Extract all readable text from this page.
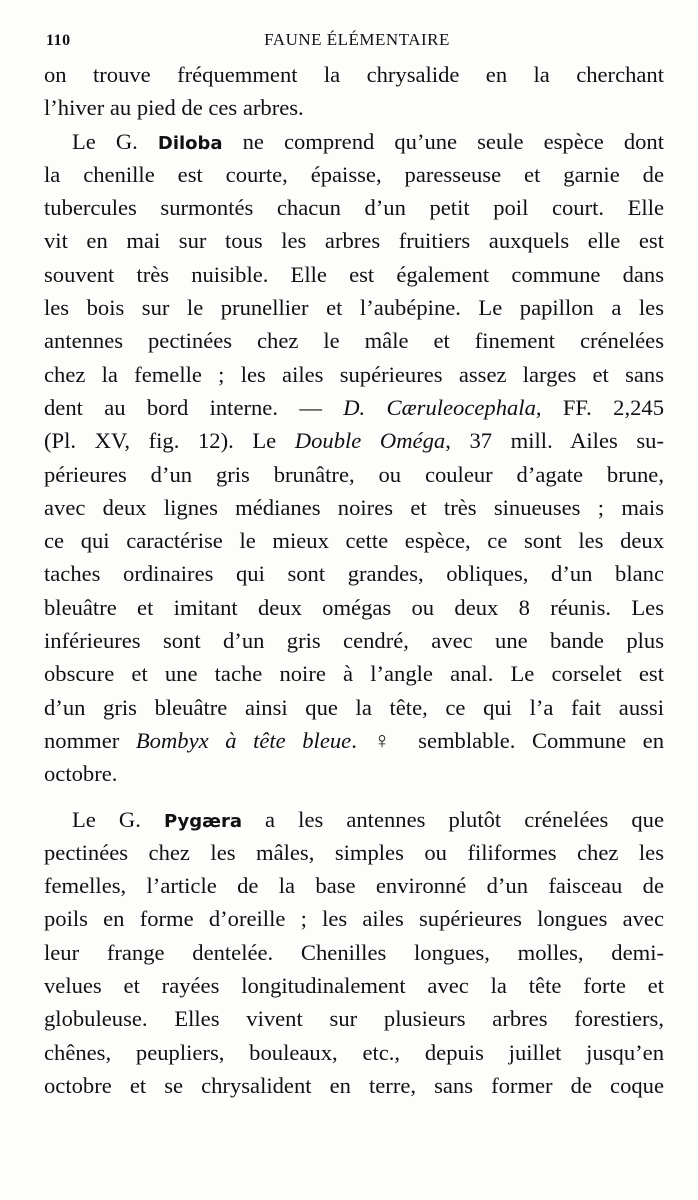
110	FAUNE ÉLÉMENTAIRE
on trouve fréquemment la chrysalide en la cherchant
l’hiver au pied de ces arbres.
Le G. Diloba ne comprend qu’une seule espèce dont
la chenille est courte, épaisse, paresseuse et garnie de
tubercules surmontés chacun d’un petit poil court. Elle
vit en mai sur tous les arbres fruitiers auxquels elle est
souvent très nuisible. Elle est également commune dans
les bois sur le prunellier et l’aubépine. Le papillon a les
antennes pectinées chez le mâle et finement crénelées
chez la femelle ; les ailes supérieures assez larges et sans
dent au bord interne. — D. Cæruleocephala, FF. 2,245
(Pl. XV, fig. 12). Le Double Oméga, 37 mill. Ailes su-
périeures d’un gris brunâtre, ou couleur d’agate brune,
avec deux lignes médianes noires et très sinueuses ; mais
ce qui caractérise le mieux cette espèce, ce sont les deux
taches ordinaires qui sont grandes, obliques, d’un blanc
bleuâtre et imitant deux omégas ou deux 8 réunis. Les
inférieures sont d’un gris cendré, avec une bande plus
obscure et une tache noire à l’angle anal. Le corselet est
d’un gris bleuâtre ainsi que la tête, ce qui l’a fait aussi
nommer Bombyx à tête bleue. ♀ semblable. Commune en
octobre.
Le G. Pygæra a les antennes plutôt crénelées que
pectinées chez les mâles, simples ou filiformes chez les
femelles, l’article de la base environné d’un faisceau de
poils en forme d’oreille ; les ailes supérieures longues avec
leur frange dentelée. Chenilles longues, molles, demi-
velues et rayées longitudinalement avec la tête forte et
globuleuse. Elles vivent sur plusieurs arbres forestiers,
chênes, peupliers, bouleaux, etc., depuis juillet jusqu’en
octobre et se chrysalident en terre, sans former de coque
